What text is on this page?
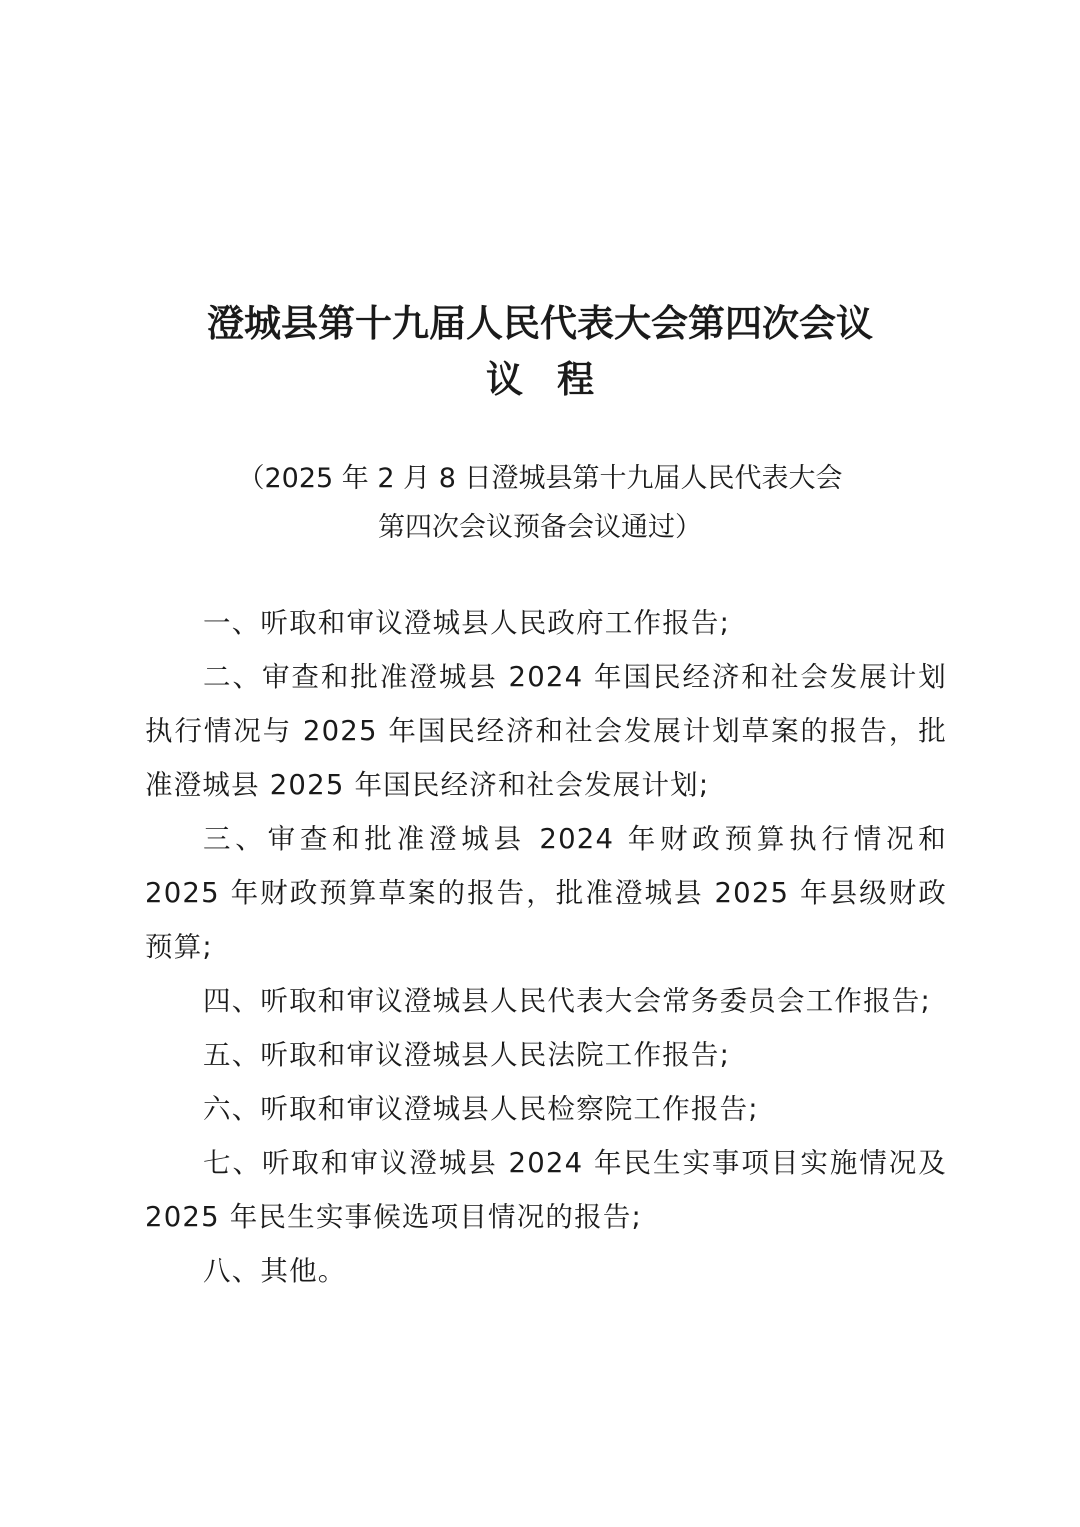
澄城县第十九届人民代表大会第四次会议
议程
（2025 年 2 月 8 日澄城县第十九届人民代表大会
第四次会议预备会议通过）

一、听取和审议澄城县人民政府工作报告;

二、审查和批准澄城县 2024 年国民经济和社会发展计划执行情况与 2025 年国民经济和社会发展计划草案的报告，批准澄城县 2025 年国民经济和社会发展计划;

三、审查和批准澄城县 2024 年财政预算执行情况和 2025 年财政预算草案的报告，批准澄城县 2025 年县级财政预算;

四、听取和审议澄城县人民代表大会常务委员会工作报告;

五、听取和审议澄城县人民法院工作报告;

六、听取和审议澄城县人民检察院工作报告;

七、听取和审议澄城县 2024 年民生实事项目实施情况及 2025 年民生实事候选项目情况的报告;

八、其他。
